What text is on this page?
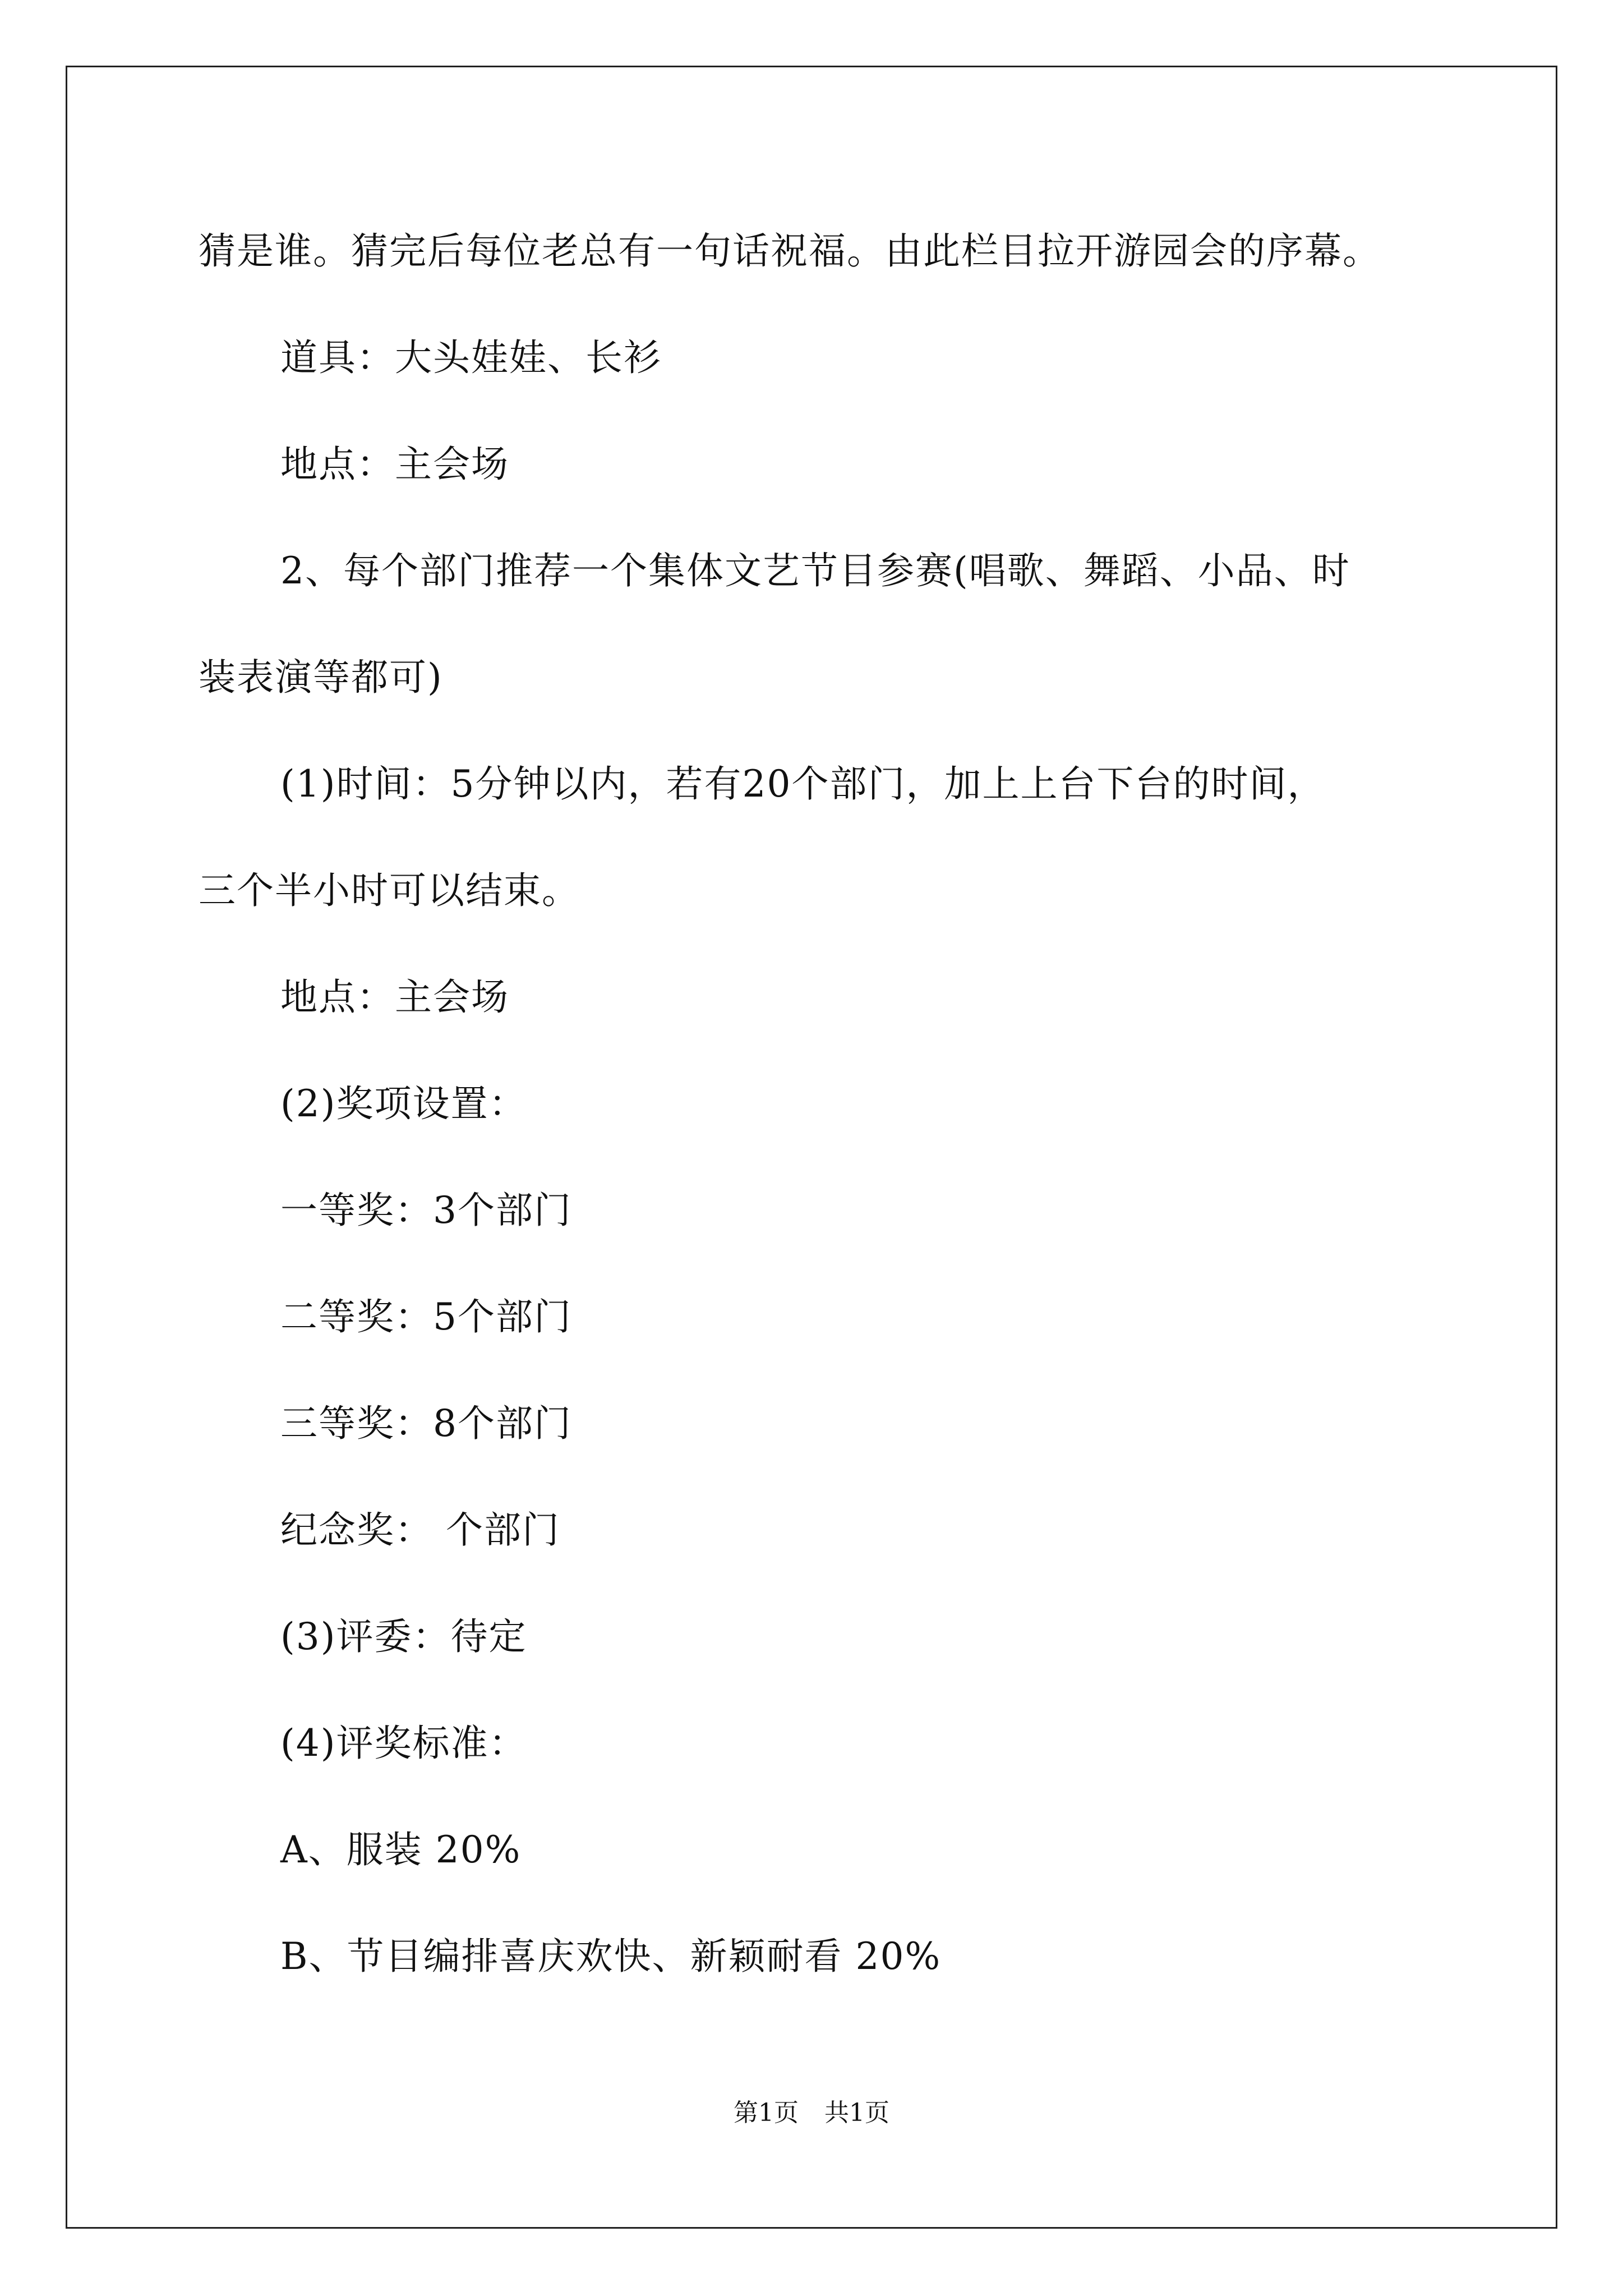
猜是谁。猜完后每位老总有一句话祝福。由此栏目拉开游园会的序幕。
道具：大头娃娃、长衫
地点：主会场
2、每个部门推荐一个集体文艺节目参赛(唱歌、舞蹈、小品、时
装表演等都可)
(1)时间：5分钟以内，若有20个部门，加上上台下台的时间，
三个半小时可以结束。
地点：主会场
(2)奖项设置：
一等奖：3个部门
二等奖：5个部门
三等奖：8个部门
纪念奖： 个部门
(3)评委：待定
(4)评奖标准：
A、服装 20%
B、节目编排喜庆欢快、新颖耐看 20%
第1页 共1页
